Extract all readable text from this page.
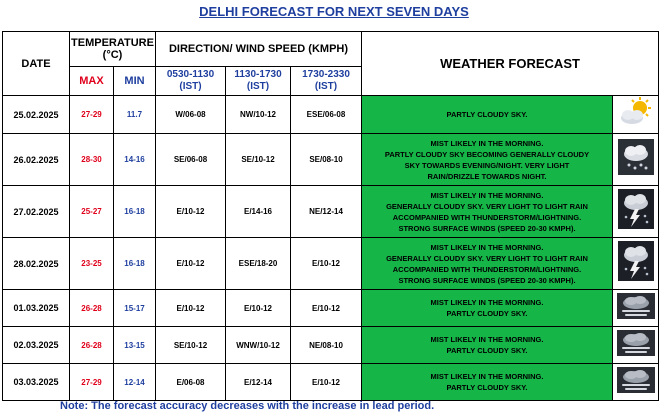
DELHI FORECAST FOR NEXT SEVEN DAYS
DATE	TEMPERATURE (°C)		DIRECTION/ WIND SPEED (KMPH)			WEATHER FORECAST	
	MAX	MIN	0530-1130 (IST)	1130-1730 (IST)	1730-2330 (IST)		
25.02.2025	27-29	11.7	W/06-08	NW/10-12	ESE/06-08	PARTLY CLOUDY SKY.

26.02.2025	28-30	14-16	SE/06-08	SE/10-12	SE/08-10	MIST LIKELY IN THE MORNING.
PARTLY CLOUDY SKY BECOMING GENERALLY CLOUDY
SKY TOWARDS EVENING/NIGHT. VERY LIGHT
RAIN/DRIZZLE TOWARDS NIGHT.

27.02.2025	25-27	16-18	E/10-12	E/14-16	NE/12-14	MIST LIKELY IN THE MORNING.
GENERALLY CLOUDY SKY. VERY LIGHT TO LIGHT RAIN
ACCOMPANIED WITH THUNDERSTORM/LIGHTNING.
STRONG SURFACE WINDS (SPEED 20-30 KMPH).

28.02.2025	23-25	16-18	E/10-12	ESE/18-20	E/10-12	MIST LIKELY IN THE MORNING.
GENERALLY CLOUDY SKY. VERY LIGHT TO LIGHT RAIN
ACCOMPANIED WITH THUNDERSTORM/LIGHTNING.
STRONG SURFACE WINDS (SPEED 20-30 KMPH).

01.03.2025	26-28	15-17	E/10-12	E/10-12	E/10-12	MIST LIKELY IN THE MORNING.
PARTLY CLOUDY SKY.

02.03.2025	26-28	13-15	SE/10-12	WNW/10-12	NE/08-10	MIST LIKELY IN THE MORNING.
PARTLY CLOUDY SKY.

03.03.2025	27-29	12-14	E/06-08	E/12-14	E/10-12	MIST LIKELY IN THE MORNING.
PARTLY CLOUDY SKY.

Note: The forecast accuracy decreases with the increase in lead period.
